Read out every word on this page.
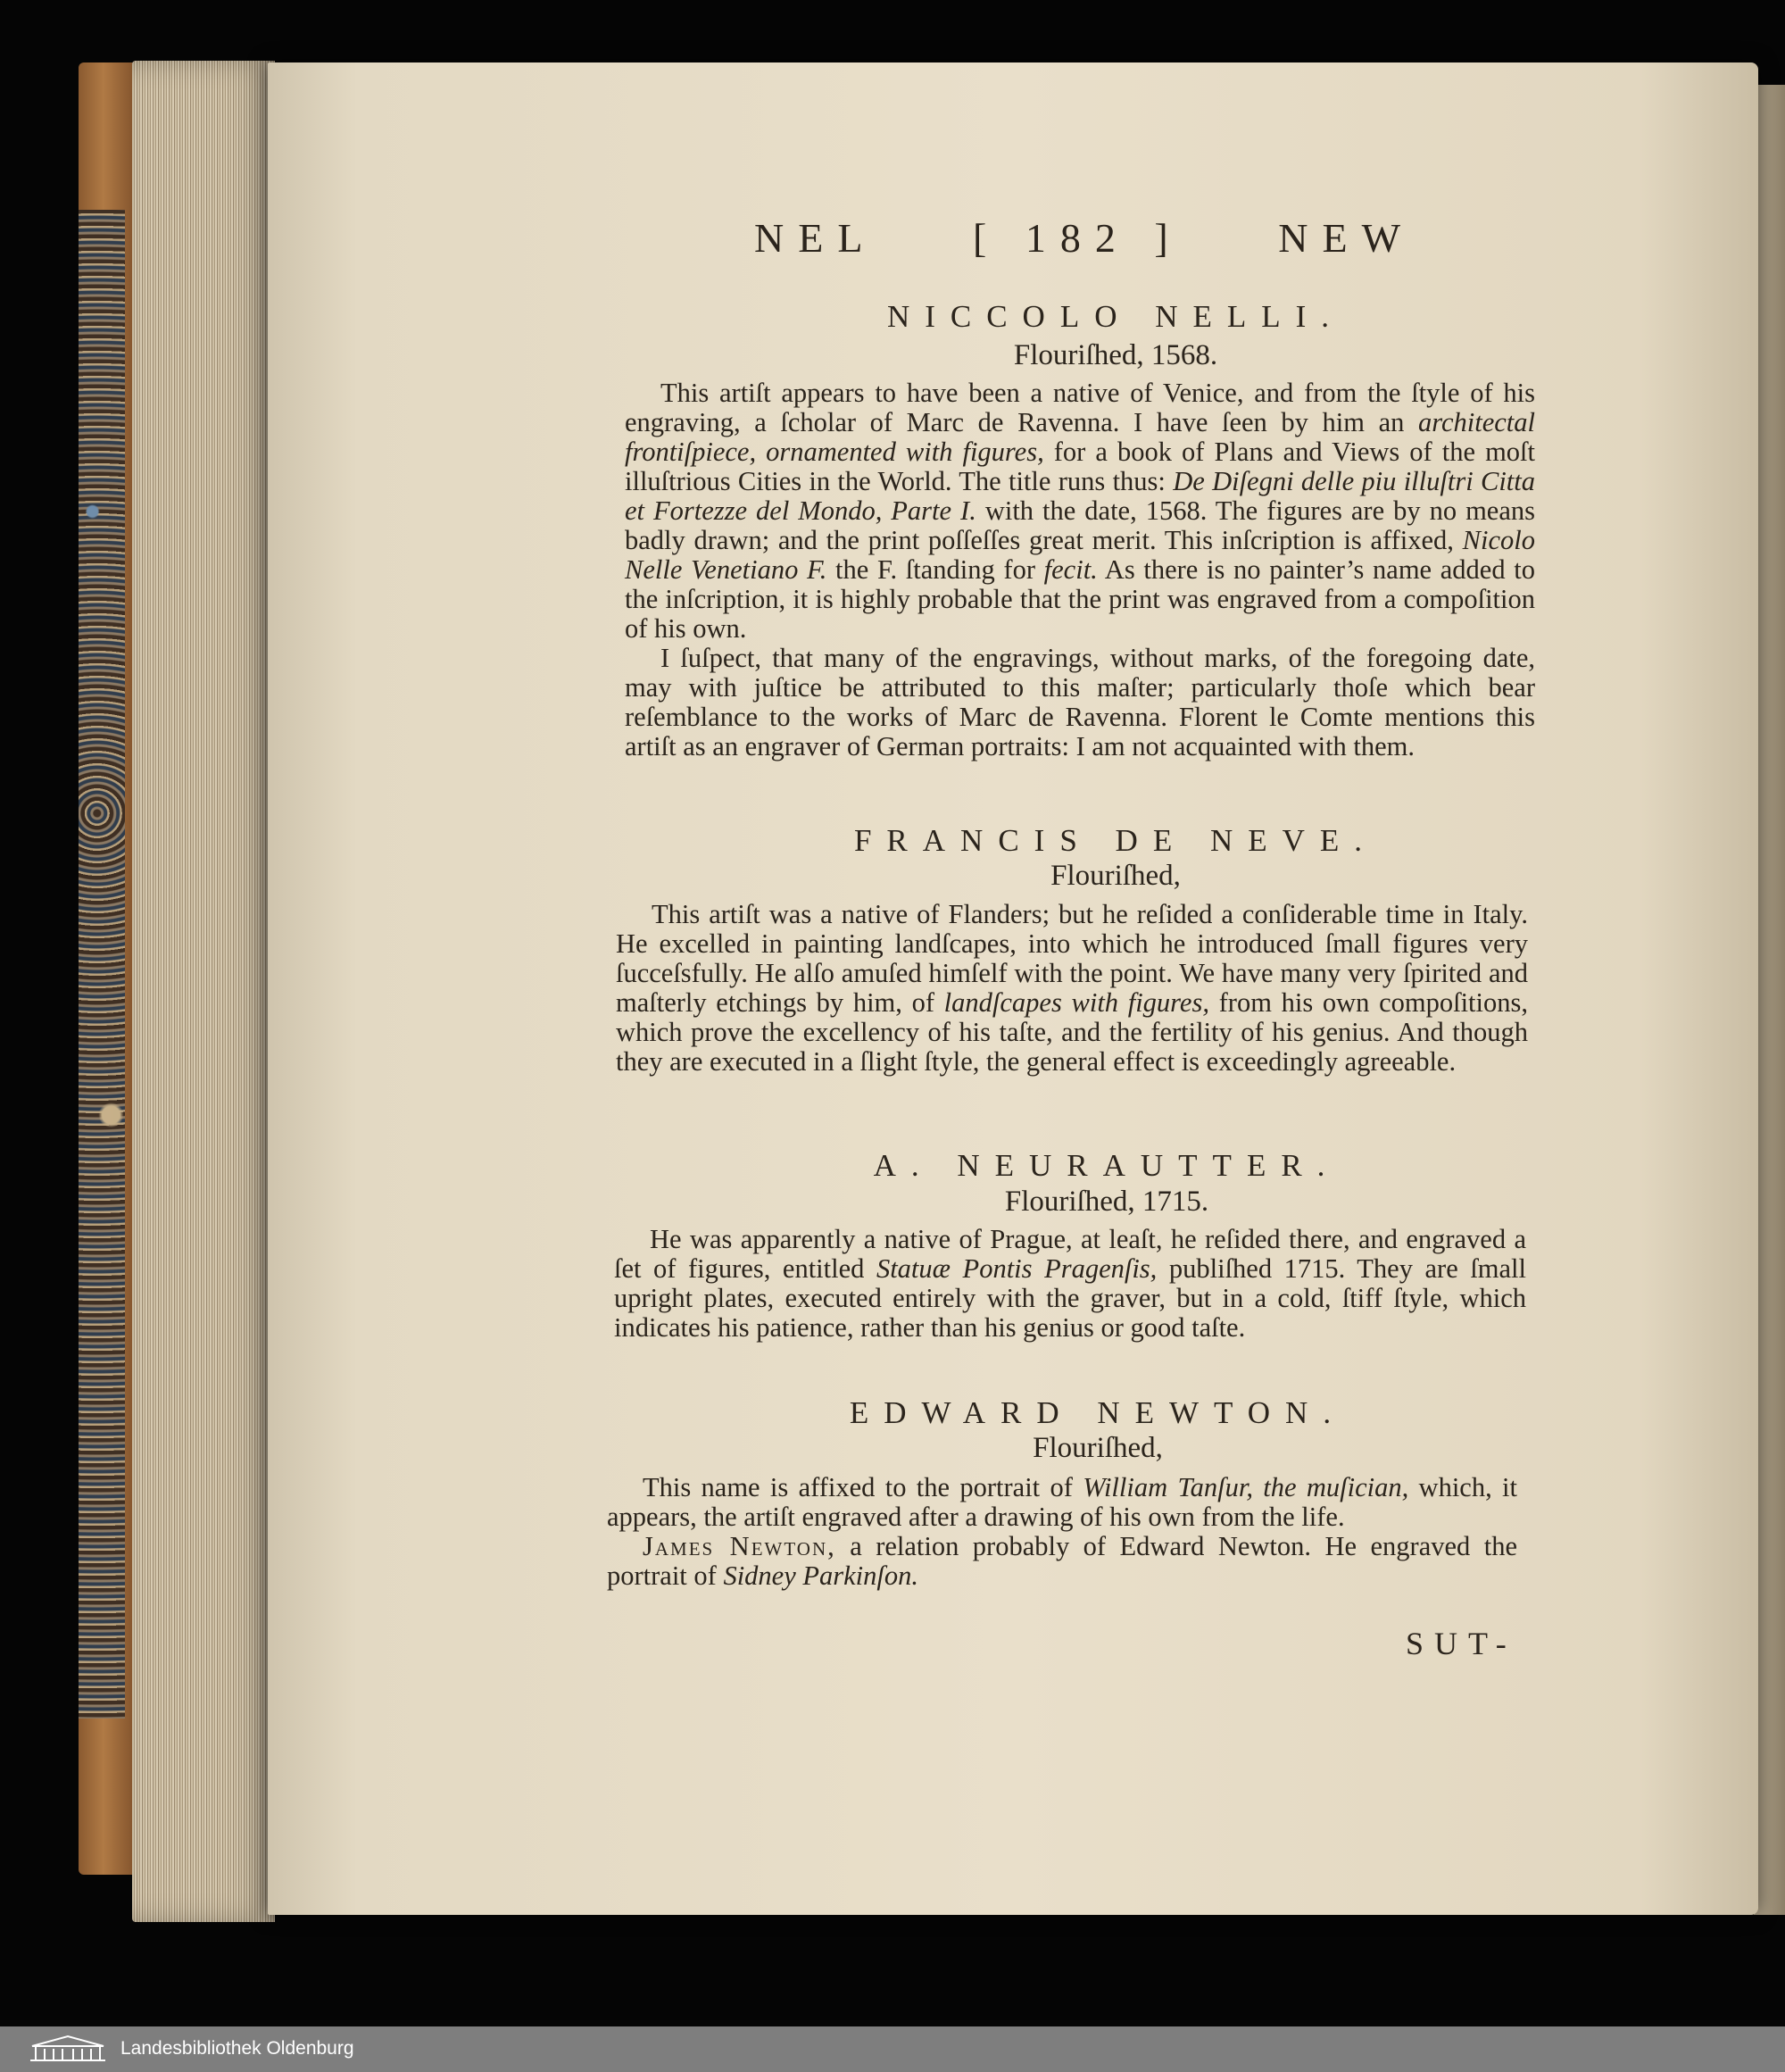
NEL [ 182 ] NEW
NICCOLO NELLI.
Flouriſhed, 1568.

This artiſt appears to have been a native of Venice, and from the ſtyle of his engraving, a ſcholar of Marc de Ravenna. I have ſeen by him an architectal frontiſpiece, ornamented with figures, for a book of Plans and Views of the moſt illuſtrious Cities in the World. The title runs thus: De Diſegni delle piu illuſtri Citta et Fortezze del Mondo, Parte I. with the date, 1568. The figures are by no means badly drawn; and the print poſſeſſes great merit. This inſcription is affixed, Nicolo Nelle Venetiano F. the F. ſtanding for fecit. As there is no painter’s name added to the inſcription, it is highly probable that the print was engraved from a compoſition of his own.

I ſuſpect, that many of the engravings, without marks, of the foregoing date, may with juſtice be attributed to this maſter; particularly thoſe which bear reſemblance to the works of Marc de Ravenna. Florent le Comte mentions this artiſt as an engraver of German portraits: I am not acquainted with them.

FRANCIS DE NEVE.
Flouriſhed,

This artiſt was a native of Flanders; but he reſided a conſiderable time in Italy. He excelled in painting landſcapes, into which he introduced ſmall figures very ſucceſsfully. He alſo amuſed himſelf with the point. We have many very ſpirited and maſterly etchings by him, of landſcapes with figures, from his own compoſitions, which prove the excellency of his taſte, and the fertility of his genius. And though they are executed in a ſlight ſtyle, the general effect is exceedingly agreeable.

A. NEURAUTTER.
Flouriſhed, 1715.

He was apparently a native of Prague, at leaſt, he reſided there, and engraved a ſet of figures, entitled Statuæ Pontis Pragenſis, publiſhed 1715. They are ſmall upright plates, executed entirely with the graver, but in a cold, ſtiff ſtyle, which indicates his patience, rather than his genius or good taſte.

EDWARD NEWTON.
Flouriſhed,

This name is affixed to the portrait of William Tanſur, the muſician, which, it appears, the artiſt engraved after a drawing of his own from the life.

James Newton, a relation probably of Edward Newton. He engraved the portrait of Sidney Parkinſon.

SUT-
Landesbibliothek Oldenburg
